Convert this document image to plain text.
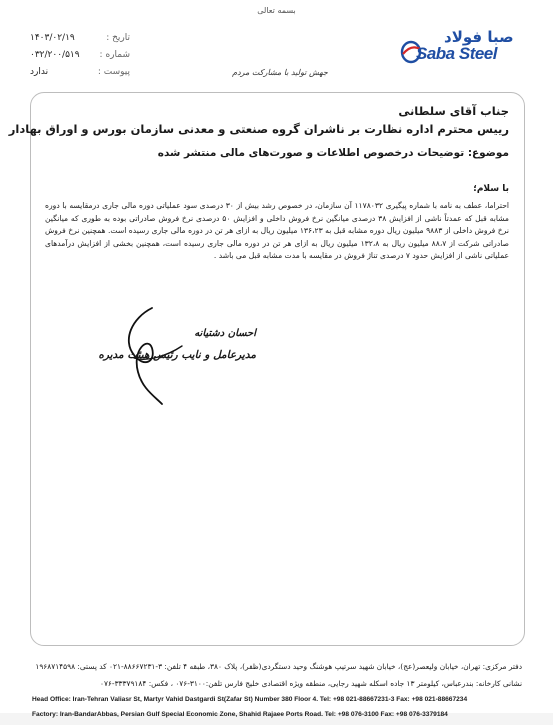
بسمه تعالی
تاریخ :
۱۴۰۳/۰۲/۱۹
شماره :
۰۳۲/۲۰۰/۵۱۹
پیوست :
ندارد	جهش تولید با مشارکت مردم
Saba Steel
صبا فولاد
جناب آقای سلطانی
رییس محترم اداره نظارت بر ناشران گروه صنعتی و معدنی سازمان بورس و اوراق بهادار
موضوع: توضیحات درخصوص اطلاعات و صورت‌های مالی منتشر شده
با سلام؛
احتراما، عطف به نامه با شماره پیگیری ۱۱۷۸۰۳۲ آن سازمان، در خصوص رشد بیش از ۳۰ درصدی سود عملیاتی دوره مالی جاری درمقایسه با دوره مشابه قبل که عمدتاً ناشی از افزایش ۳۸ درصدی میانگین نرخ فروش داخلی و افزایش ۵۰ درصدی نرخ فروش صادراتی بوده به طوری که میانگین نرخ فروش داخلی از ۹۸۸۳ میلیون ریال دوره مشابه قبل به ۱۳۶،۲۳ میلیون ریال به ازای هر تن در دوره مالی جاری رسیده است. همچنین نرخ فروش صادراتی شرکت از ۸۸،۷ میلیون ریال به ۱۳۲،۸ میلیون ریال به ازای هر تن در دوره مالی جاری رسیده است، همچنین بخشی از افزایش درآمدهای عملیاتی ناشی از افزایش حدود ۷ درصدی تناژ فروش در مقایسه با مدت مشابه قبل می باشد .
احسان دشتیانه
مدیرعامل و نایب رئیس هیئت مدیره
دفتر مرکزی: تهران، خیابان ولیعصر(عج)، خیابان شهید سرتیپ هوشنگ وحید دستگردی(ظفر)، پلاک ۳۸۰، طبقه ۴ تلفن: ۳-۸۸۶۶۷۲۳۱-۰۲۱ کد پستی: ۱۹۶۸۷۱۴۵۹۸
نشانی کارخانه: بندرعباس، کیلومتر ۱۳ جاده اسکله شهید رجایی، منطقه ویژه اقتصادی خلیج فارس تلفن:۳۱۰۰-۰۷۶ ، فکس: ۳۳۳۷۹۱۸۴-۰۷۶
Head Office: Iran-Tehran Valiasr St, Martyr Vahid Dastgardi St(Zafar St) Number 380 Floor 4. Tel: +98 021-88667231-3 Fax: +98 021-88667234
Factory: Iran-BandarAbbas, Persian Gulf Special Economic Zone, Shahid Rajaee Ports Road. Tel: +98 076-3100 Fax: +98 076-3379184
